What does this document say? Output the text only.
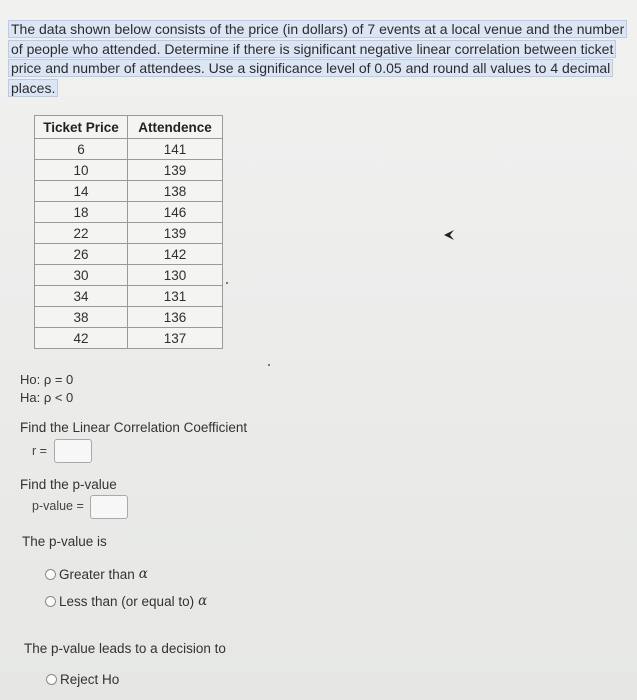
The data shown below consists of the price (in dollars) of 7 events at a local venue and the number of people who attended. Determine if there is significant negative linear correlation between ticket price and number of attendees. Use a significance level of 0.05 and round all values to 4 decimal places.

Ticket Price	Attendence
6	141
10	139
14	138
18	146
22	139
26	142
30	130
34	131
38	136
42	137
Ho: ρ = 0
Ha: ρ < 0
Find the Linear Correlation Coefficient
r =
Find the p-value
p-value =
The p-value is
Greater than α
Less than (or equal to) α
The p-value leads to a decision to
Reject Ho
